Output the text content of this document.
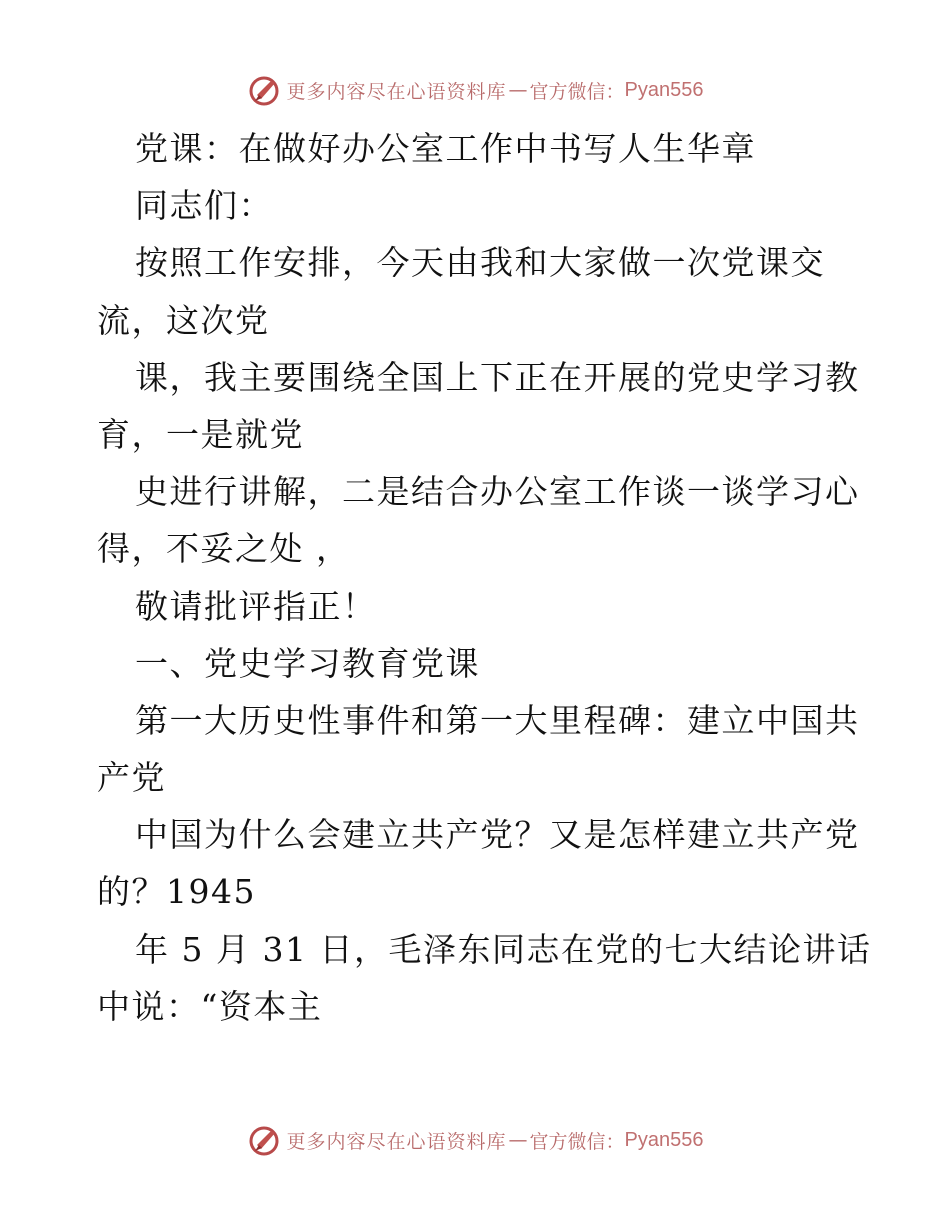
更多内容尽在心语资料库 — 官方微信： Pyan556
党课：在做好办公室工作中书写人生华章
同志们：
按照工作安排，今天由我和大家做一次党课交
流，这次党
课，我主要围绕全国上下正在开展的党史学习教
育，一是就党
史进行讲解，二是结合办公室工作谈一谈学习心
得，不妥之处 ，
敬请批评指正！
一、党史学习教育党课
第一大历史性事件和第一大里程碑：建立中国共
产党
中国为什么会建立共产党？又是怎样建立共产党
的？1945
年 5 月 31 日，毛泽东同志在党的七大结论讲话
中说：“资本主
更多内容尽在心语资料库 — 官方微信： Pyan556
